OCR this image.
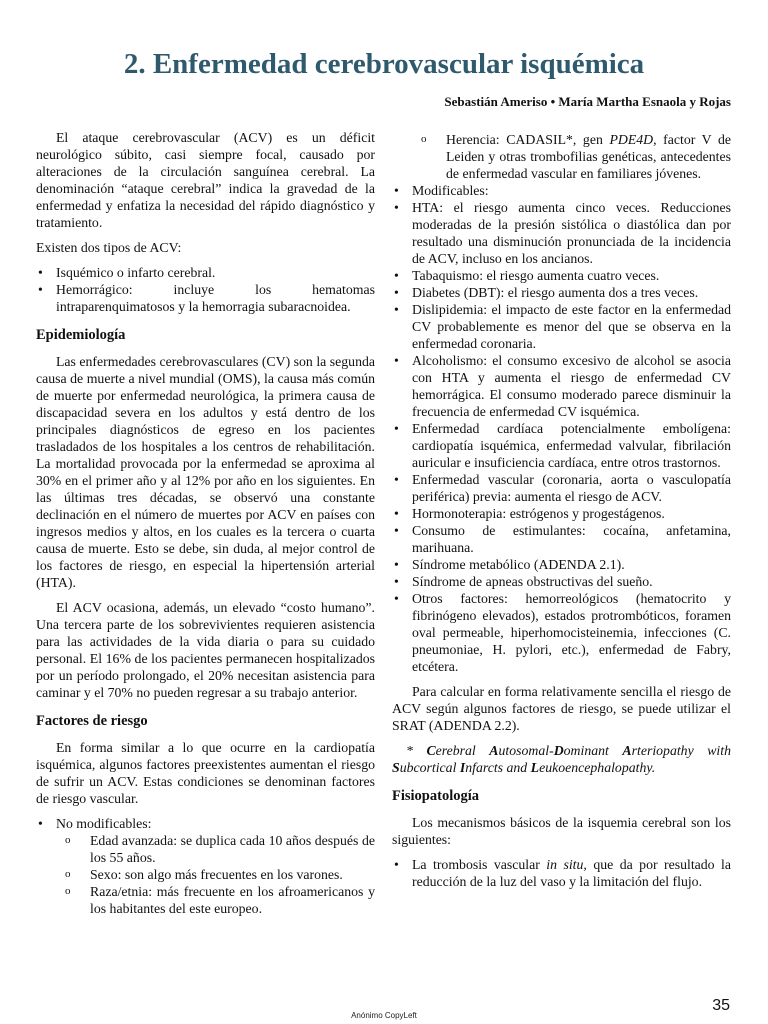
2. Enfermedad cerebrovascular isquémica

Sebastián Ameriso • María Martha Esnaola y Rojas

El ataque cerebrovascular (ACV) es un déficit neurológico súbito, casi siempre focal, causado por alteraciones de la circulación sanguínea cerebral. La denominación “ataque cerebral” indica la gravedad de la enfermedad y enfatiza la necesidad del rápido diagnóstico y tratamiento.

Existen dos tipos de ACV:

• Isquémico o infarto cerebral.
• Hemorrágico: incluye los hematomas intraparenquimatosos y la hemorragia subaracnoidea.
Epidemiología

Las enfermedades cerebrovasculares (CV) son la segunda causa de muerte a nivel mundial (OMS), la causa más común de muerte por enfermedad neurológica, la primera causa de discapacidad severa en los adultos y está dentro de los principales diagnósticos de egreso en los pacientes trasladados de los hospitales a los centros de rehabilitación. La mortalidad provocada por la enfermedad se aproxima al 30% en el primer año y al 12% por año en los siguientes. En las últimas tres décadas, se observó una constante declinación en el número de muertes por ACV en países con ingresos medios y altos, en los cuales es la tercera o cuarta causa de muerte. Esto se debe, sin duda, al mejor control de los factores de riesgo, en especial la hipertensión arterial (HTA).

El ACV ocasiona, además, un elevado “costo humano”. Una tercera parte de los sobrevivientes requieren asistencia para las actividades de la vida diaria o para su cuidado personal. El 16% de los pacientes permanecen hospitalizados por un período prolongado, el 20% necesitan asistencia para caminar y el 70% no pueden regresar a su trabajo anterior.

Factores de riesgo

En forma similar a lo que ocurre en la cardiopatía isquémica, algunos factores preexistentes aumentan el riesgo de sufrir un ACV. Estas condiciones se denominan factores de riesgo vascular.

• No modificables:
o Edad avanzada: se duplica cada 10 años después de los 55 años.
o Sexo: son algo más frecuentes en los varones.
o Raza/etnia: más frecuente en los afroamericanos y los habitantes del este europeo.
o Herencia: CADASIL*, gen PDE4D, factor V de Leiden y otras trombofilias genéticas, antecedentes de enfermedad vascular en familiares jóvenes.
• Modificables:
• HTA: el riesgo aumenta cinco veces. Reducciones moderadas de la presión sistólica o diastólica dan por resultado una disminución pronunciada de la incidencia de ACV, incluso en los ancianos.
• Tabaquismo: el riesgo aumenta cuatro veces.
• Diabetes (DBT): el riesgo aumenta dos a tres veces.
• Dislipidemia: el impacto de este factor en la enfermedad CV probablemente es menor del que se observa en la enfermedad coronaria.
• Alcoholismo: el consumo excesivo de alcohol se asocia con HTA y aumenta el riesgo de enfermedad CV hemorrágica. El consumo moderado parece disminuir la frecuencia de enfermedad CV isquémica.
• Enfermedad cardíaca potencialmente embolígena: cardiopatía isquémica, enfermedad valvular, fibrilación auricular e insuficiencia cardíaca, entre otros trastornos.
• Enfermedad vascular (coronaria, aorta o vasculopatía periférica) previa: aumenta el riesgo de ACV.
• Hormonoterapia: estrógenos y progestágenos.
• Consumo de estimulantes: cocaína, anfetamina, marihuana.
• Síndrome metabólico (ADENDA 2.1).
• Síndrome de apneas obstructivas del sueño.
• Otros factores: hemorreológicos (hematocrito y fibrinógeno elevados), estados protrombóticos, foramen oval permeable, hiperhomocisteinemia, infecciones (C. pneumoniae, H. pylori, etc.), enfermedad de Fabry, etcétera.

Para calcular en forma relativamente sencilla el riesgo de ACV según algunos factores de riesgo, se puede utilizar el SRAT (ADENDA 2.2).

* Cerebral Autosomal-Dominant Arteriopathy with Subcortical Infarcts and Leukoencephalopathy.

Fisiopatología

Los mecanismos básicos de la isquemia cerebral son los siguientes:

• La trombosis vascular in situ, que da por resultado la reducción de la luz del vaso y la limitación del flujo.

Anónimo CopyLeft

35
